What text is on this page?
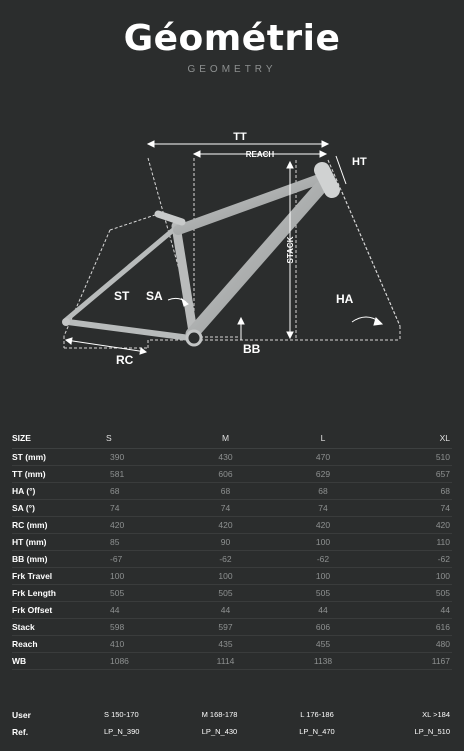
Géométrie
GEOMETRY
TT
REACH
HT
STACK
ST SA	HA
BB
RC
SIZE	S	M	L	XL
ST (mm)	390	430	470	510
TT (mm)	581	606	629	657
HA (°)	68	68	68	68
SA (°)	74	74	74	74
RC (mm)	420	420	420	420
HT (mm)	85	90	100	110
BB (mm)	-67	-62	-62	-62
Frk Travel	100	100	100	100
Frk Length	505	505	505	505
Frk Offset	44	44	44	44
Stack	598	597	606	616
Reach	410	435	455	480
WB	1086	1114	1138	1167
User	S 150-170	M 168-178	L 176-186	XL >184
Ref.	LP_N_390	LP_N_430	LP_N_470	LP_N_510
